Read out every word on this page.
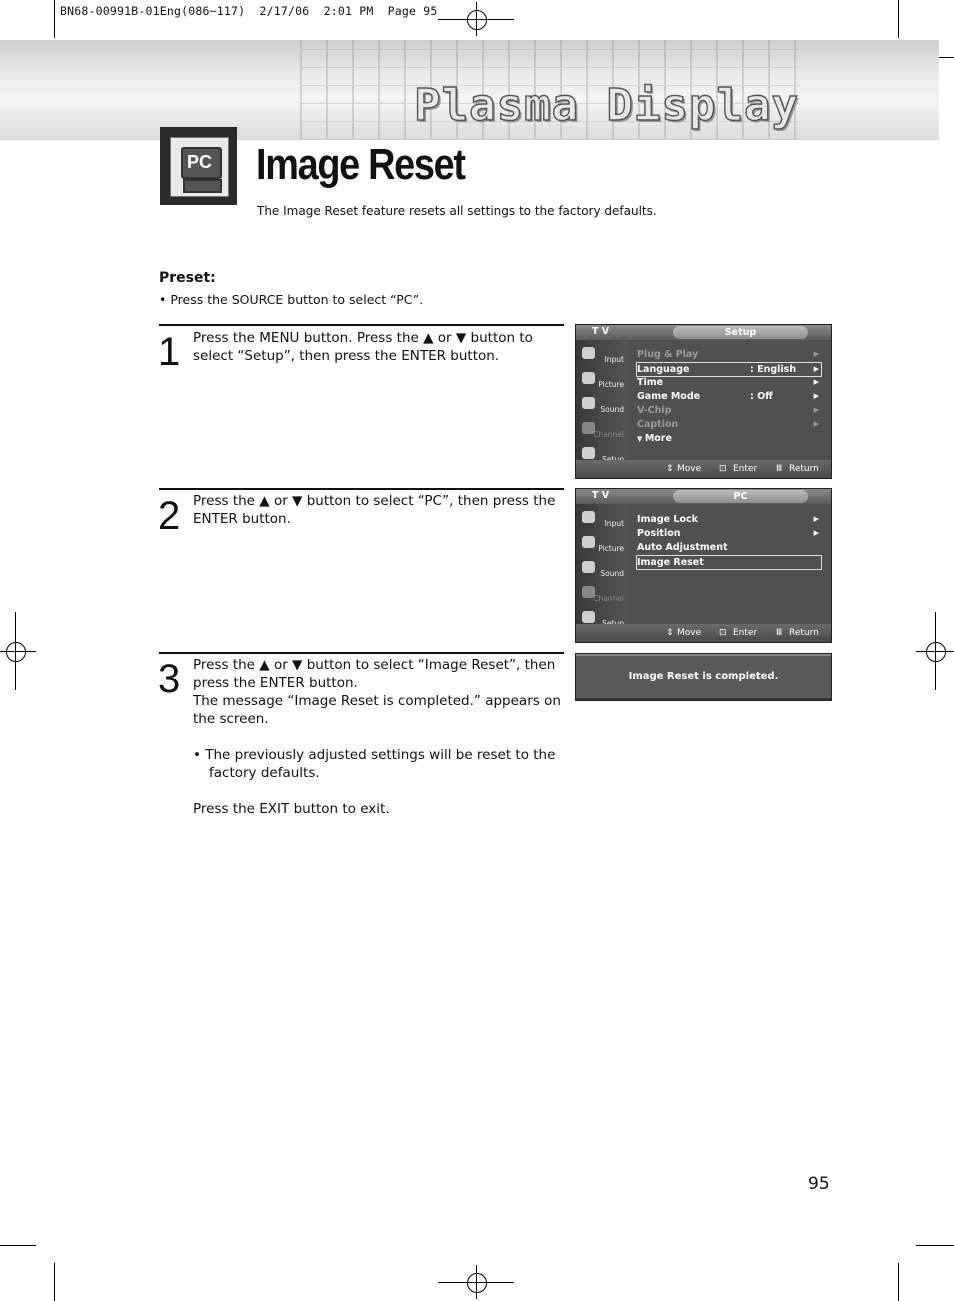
BN68-00991B-01Eng(086~117)  2/17/06  2:01 PM  Page 95
Plasma Display
PC Image Reset
The Image Reset feature resets all settings to the factory defaults.
Preset:
• Press the SOURCE button to select “PC”.
1 Press the MENU button. Press the ▲ or ▼ button to select “Setup”, then press the ENTER button.

2 Press the ▲ or ▼ button to select “PC”, then press the ENTER button.

3 Press the ▲ or ▼ button to select “Image Reset”, then press the ENTER button.

The message “Image Reset is completed.” appears on the screen.

• The previously adjusted settings will be reset to the factory defaults.

Press the EXIT button to exit.

T V	Setup
Input
Picture
Sound
Channel
Plug & Play	▶
Language	: English	▶
Time	▶
Game Mode	: Off	▶
V-Chip	▶
Caption	▶
▼ More
⇕ Move ⊡ Enter Ⅲ Return
T V	PC
Input
Picture
Sound
Channel
Image Lock	▶
Position	▶
Auto Adjustment
Image Reset
⇕ Move ⊡ Enter Ⅲ Return
Image Reset is completed.
95
